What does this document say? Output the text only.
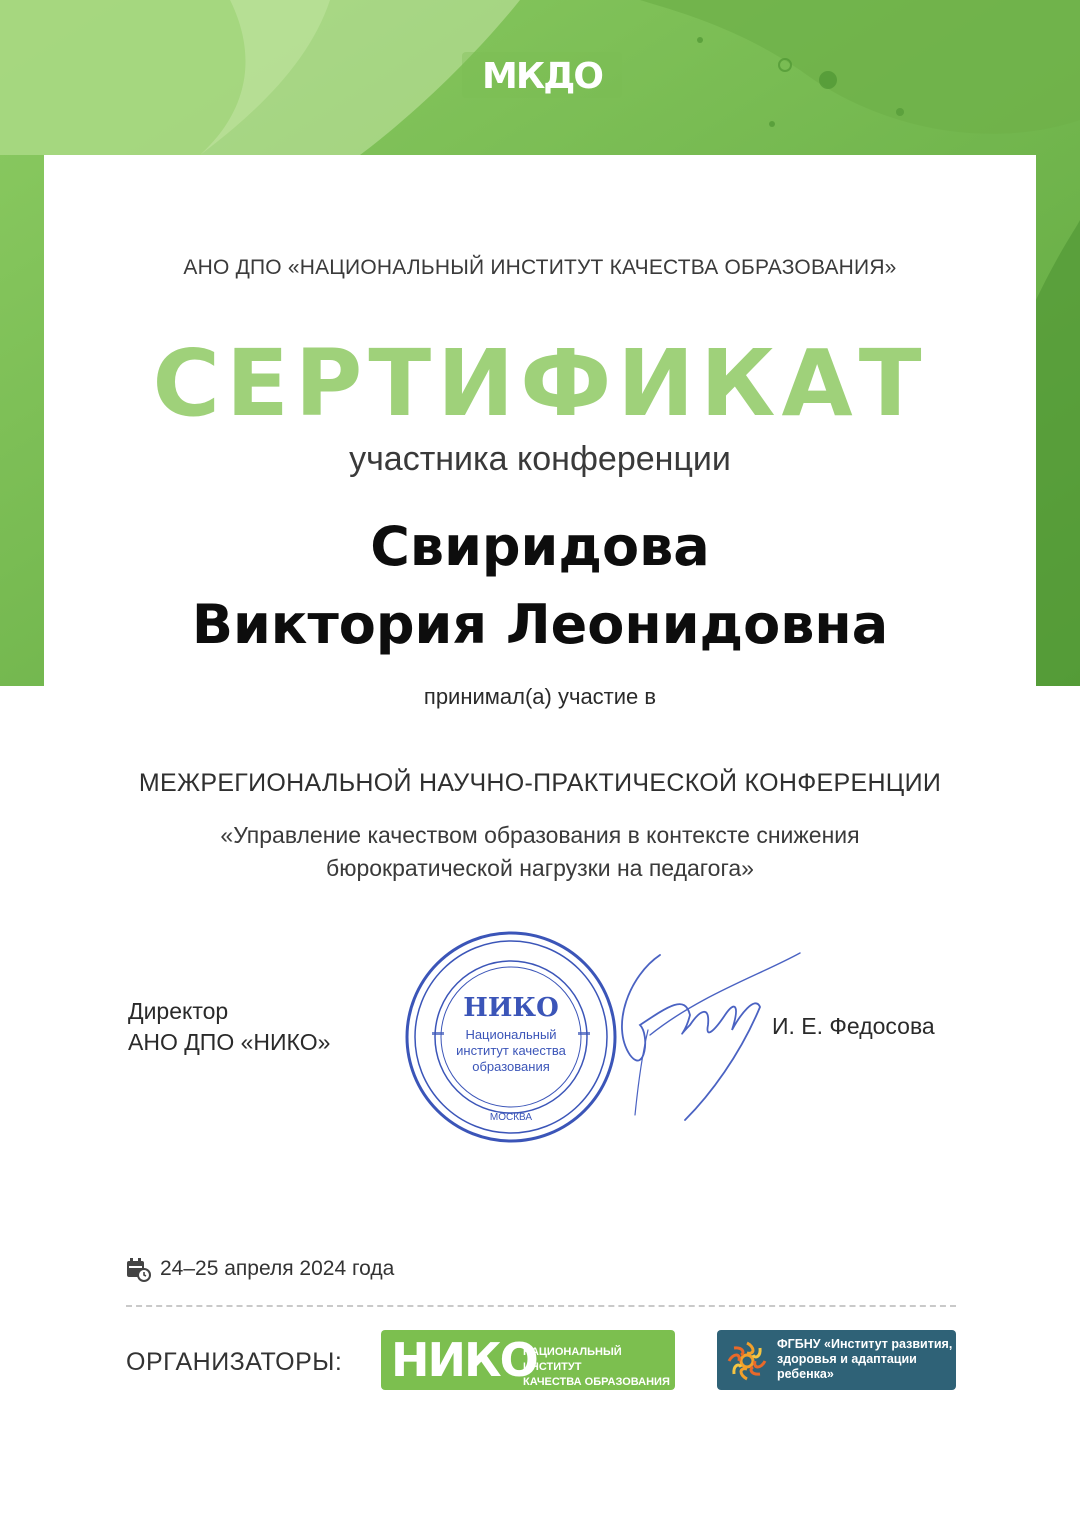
МКДО
АНО ДПО «НАЦИОНАЛЬНЫЙ ИНСТИТУТ КАЧЕСТВА ОБРАЗОВАНИЯ»
СЕРТИФИКАТ
участника конференции
Свиридова
Виктория Леонидовна
принимал(а) участие в
МЕЖРЕГИОНАЛЬНОЙ НАУЧНО-ПРАКТИЧЕСКОЙ КОНФЕРЕНЦИИ
«Управление качеством образования в контексте снижения
бюрократической нагрузки на педагога»
Директор
АНО ДПО «НИКО»
НИКО
Национальный
институт качества
образования
МОСКВА
И. Е. Федосова
24–25 апреля 2024 года
ОРГАНИЗАТОРЫ: НИКО
НАЦИОНАЛЬНЫЙ ИНСТИТУТ
КАЧЕСТВА ОБРАЗОВАНИЯ
ФГБНУ «Институт развития,
здоровья и адаптации
ребенка»
